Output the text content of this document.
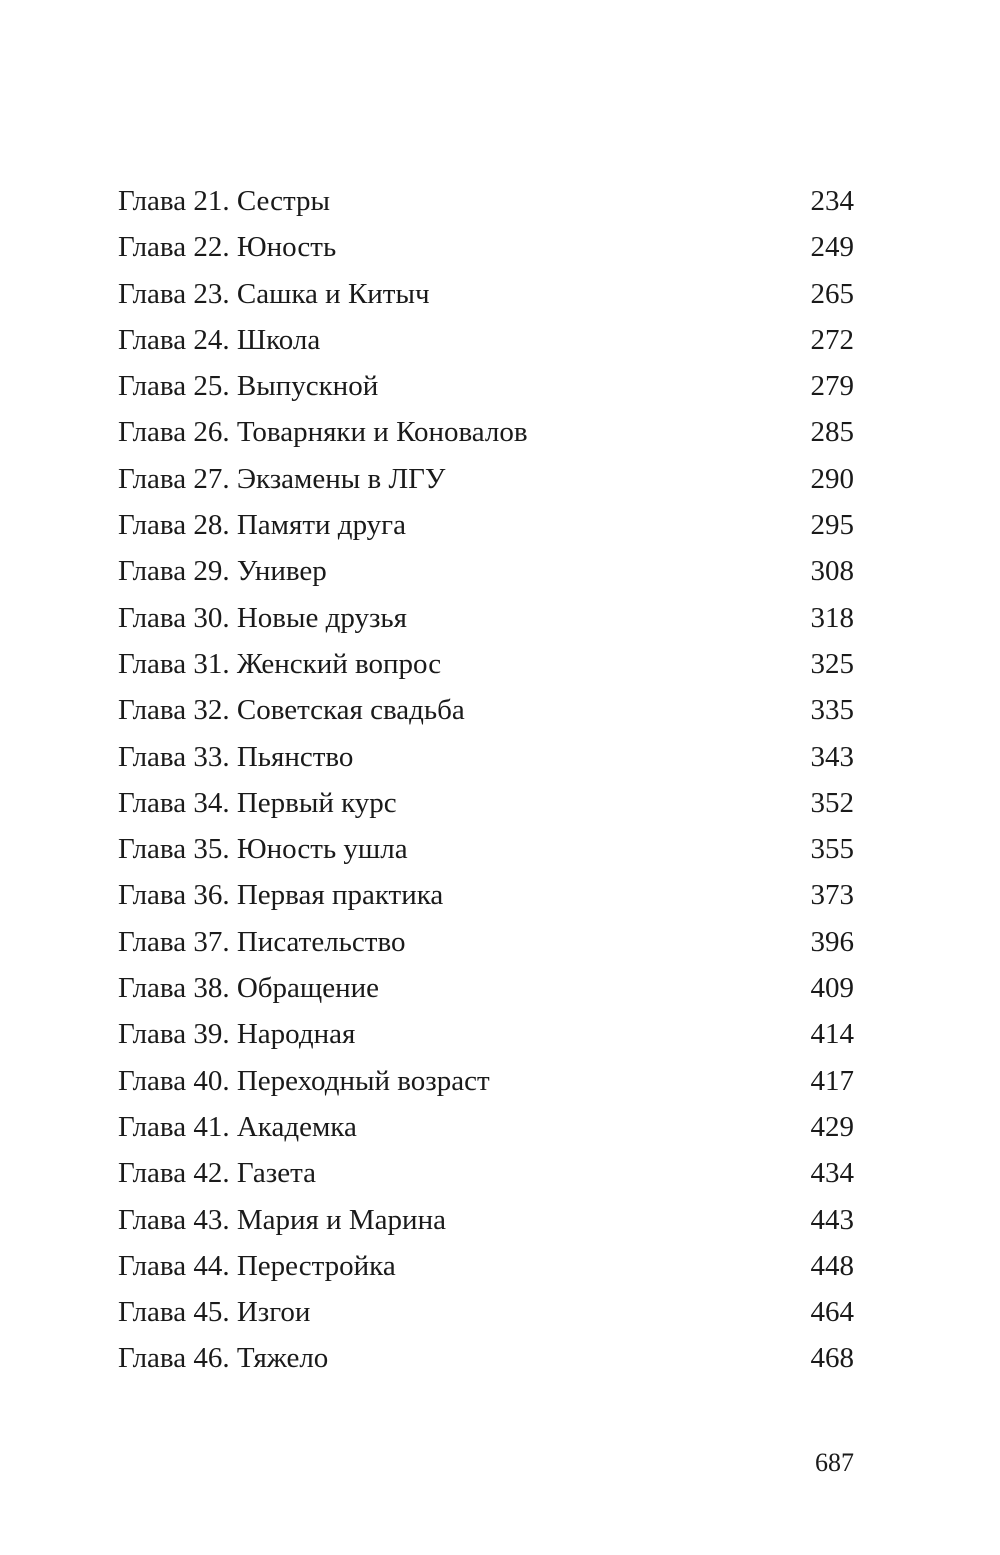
Глава 21. Сестры	234
Глава 22. Юность	249
Глава 23. Сашка и Китыч	265
Глава 24. Школа	272
Глава 25. Выпускной	279
Глава 26. Товарняки и Коновалов	285
Глава 27. Экзамены в ЛГУ	290
Глава 28. Памяти друга	295
Глава 29. Универ	308
Глава 30. Новые друзья	318
Глава 31. Женский вопрос	325
Глава 32. Советская свадьба	335
Глава 33. Пьянство	343
Глава 34. Первый курс	352
Глава 35. Юность ушла	355
Глава 36. Первая практика	373
Глава 37. Писательство	396
Глава 38. Обращение	409
Глава 39. Народная	414
Глава 40. Переходный возраст	417
Глава 41. Академка	429
Глава 42. Газета	434
Глава 43. Мария и Марина	443
Глава 44. Перестройка	448
Глава 45. Изгои	464
Глава 46. Тяжело	468
687
